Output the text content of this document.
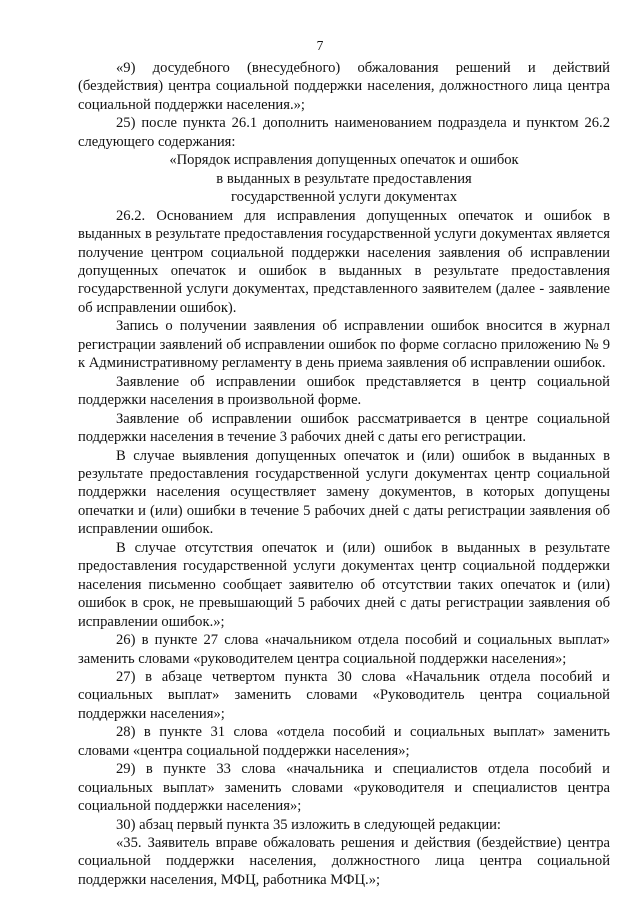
7

«9) досудебного (внесудебного) обжалования решений и действий (бездействия) центра социальной поддержки населения, должностного лица центра социальной поддержки населения.»;

25) после пункта 26.1 дополнить наименованием подраздела и пунктом 26.2 следующего содержания:

«Порядок исправления допущенных опечаток и ошибок

в выданных в результате предоставления

государственной услуги документах

26.2. Основанием для исправления допущенных опечаток и ошибок в выданных в результате предоставления государственной услуги документах является получение центром социальной поддержки населения заявления об исправлении допущенных опечаток и ошибок в выданных в результате предоставления государственной услуги документах, представленного заявителем (далее - заявление об исправлении ошибок).

Запись о получении заявления об исправлении ошибок вносится в журнал регистрации заявлений об исправлении ошибок по форме согласно приложению № 9 к Административному регламенту в день приема заявления об исправлении ошибок.

Заявление об исправлении ошибок представляется в центр социальной поддержки населения в произвольной форме.

Заявление об исправлении ошибок рассматривается в центре социальной поддержки населения в течение 3 рабочих дней с даты его регистрации.

В случае выявления допущенных опечаток и (или) ошибок в выданных в результате предоставления государственной услуги документах центр социальной поддержки населения осуществляет замену документов, в которых допущены опечатки и (или) ошибки в течение 5 рабочих дней с даты регистрации заявления об исправлении ошибок.

В случае отсутствия опечаток и (или) ошибок в выданных в результате предоставления государственной услуги документах центр социальной поддержки населения письменно сообщает заявителю об отсутствии таких опечаток и (или) ошибок в срок, не превышающий 5 рабочих дней с даты регистрации заявления об исправлении ошибок.»;

26) в пункте 27 слова «начальником отдела пособий и социальных выплат» заменить словами «руководителем центра социальной поддержки населения»;

27) в абзаце четвертом пункта 30 слова «Начальник отдела пособий и социальных выплат» заменить словами «Руководитель центра социальной поддержки населения»;

28) в пункте 31 слова «отдела пособий и социальных выплат» заменить словами «центра социальной поддержки населения»;

29) в пункте 33 слова «начальника и специалистов отдела пособий и социальных выплат» заменить словами «руководителя и специалистов центра социальной поддержки населения»;

30) абзац первый пункта 35 изложить в следующей редакции:

«35. Заявитель вправе обжаловать решения и действия (бездействие) центра социальной поддержки населения, должностного лица центра социальной поддержки населения, МФЦ, работника МФЦ.»;
